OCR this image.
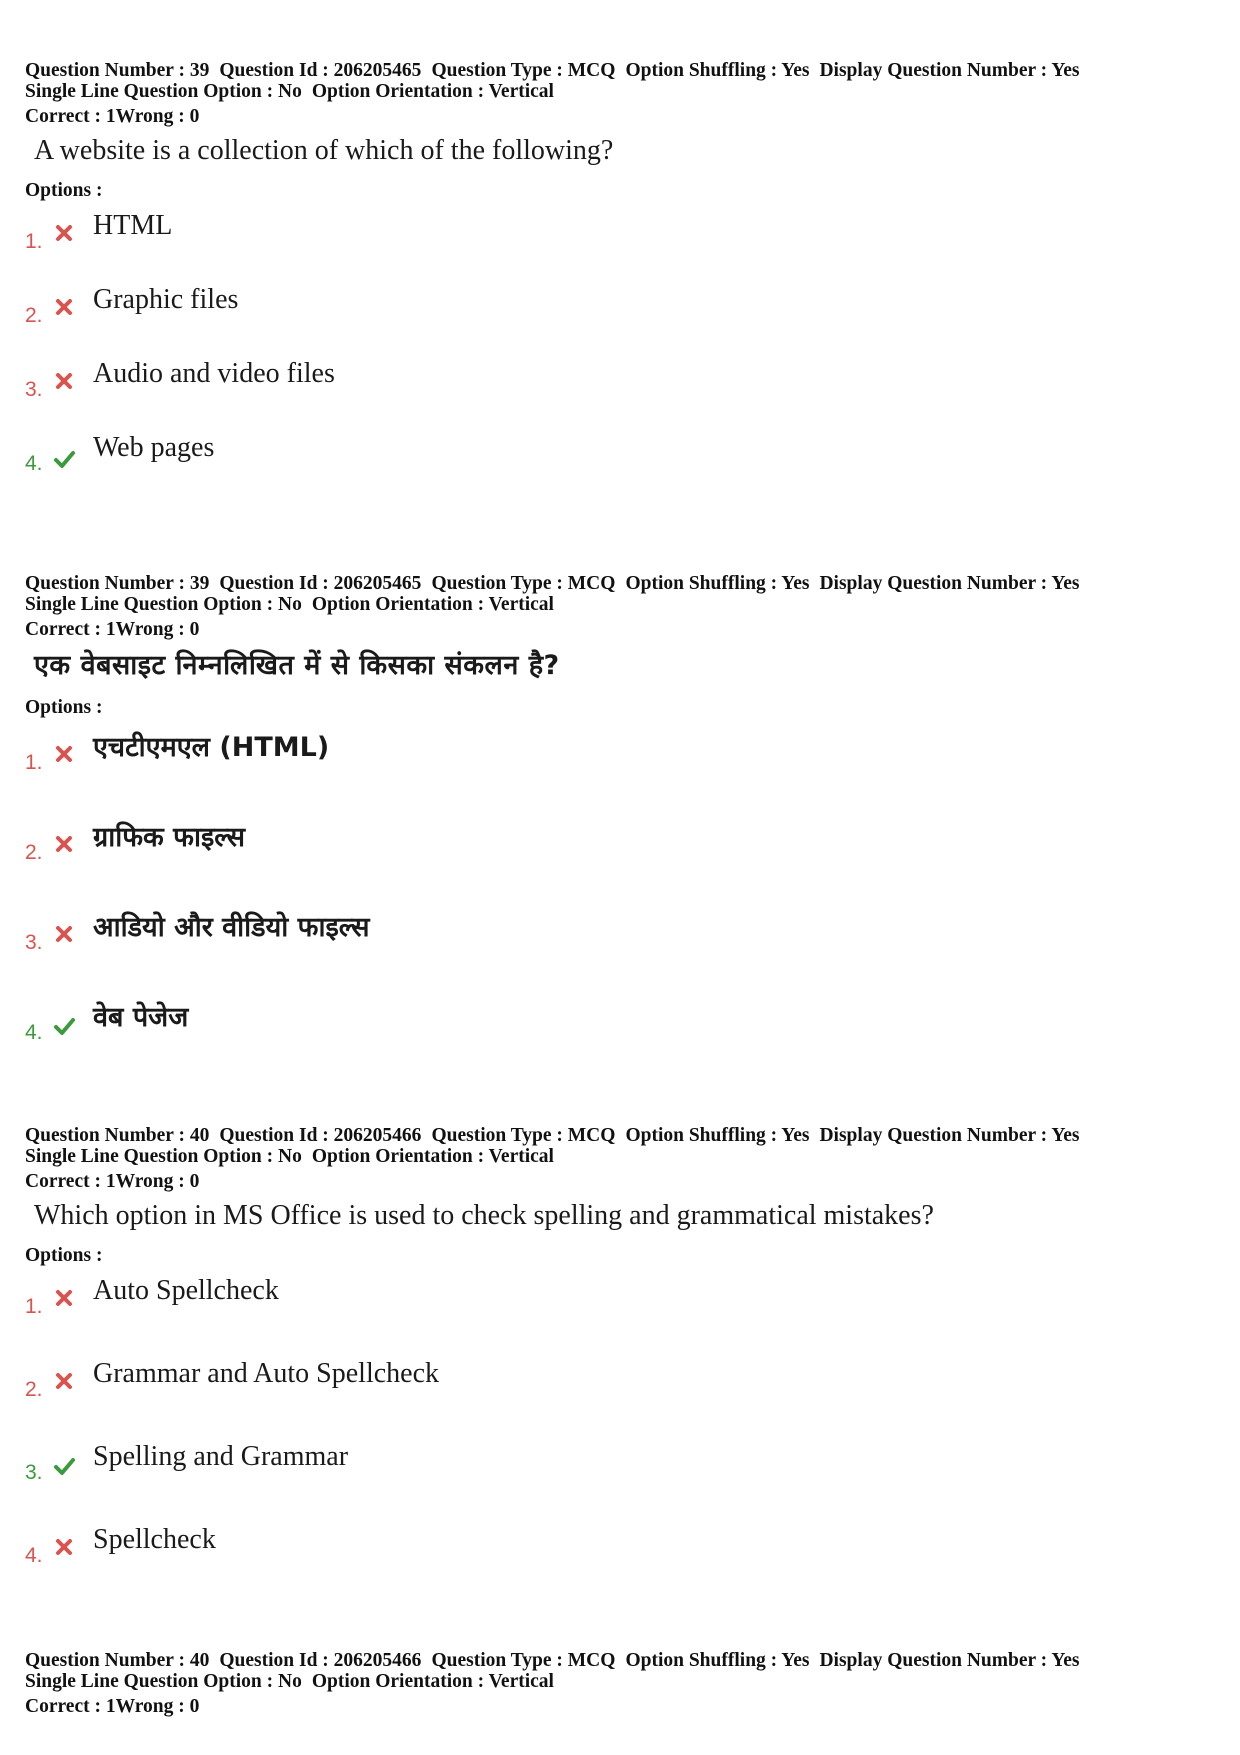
Question Number : 39 Question Id : 206205465 Question Type : MCQ Option Shuffling : Yes Display Question Number : Yes
Single Line Question Option : No Option Orientation : Vertical
Correct : 1Wrong : 0
A website is a collection of which of the following?
Options :
1.
HTML
2.
Graphic files
3.
Audio and video files
4.
Web pages
Question Number : 39 Question Id : 206205465 Question Type : MCQ Option Shuffling : Yes Display Question Number : Yes
Single Line Question Option : No Option Orientation : Vertical
Correct : 1Wrong : 0
एक वेबसाइट निम्नलिखित में से किसका संकलन है?
Options :
1. एचटीएमएल (HTML)
2. ग्राफिक फाइल्स
3. आडियो और वीडियो फाइल्स
4. वेब पेजेज
Question Number : 40 Question Id : 206205466 Question Type : MCQ Option Shuffling : Yes Display Question Number : Yes
Single Line Question Option : No Option Orientation : Vertical
Correct : 1Wrong : 0
Which option in MS Office is used to check spelling and grammatical mistakes?
Options :
1.
Auto Spellcheck
2.
Grammar and Auto Spellcheck
3.
Spelling and Grammar
4.
Spellcheck
Question Number : 40 Question Id : 206205466 Question Type : MCQ Option Shuffling : Yes Display Question Number : Yes
Single Line Question Option : No Option Orientation : Vertical
Correct : 1Wrong : 0
